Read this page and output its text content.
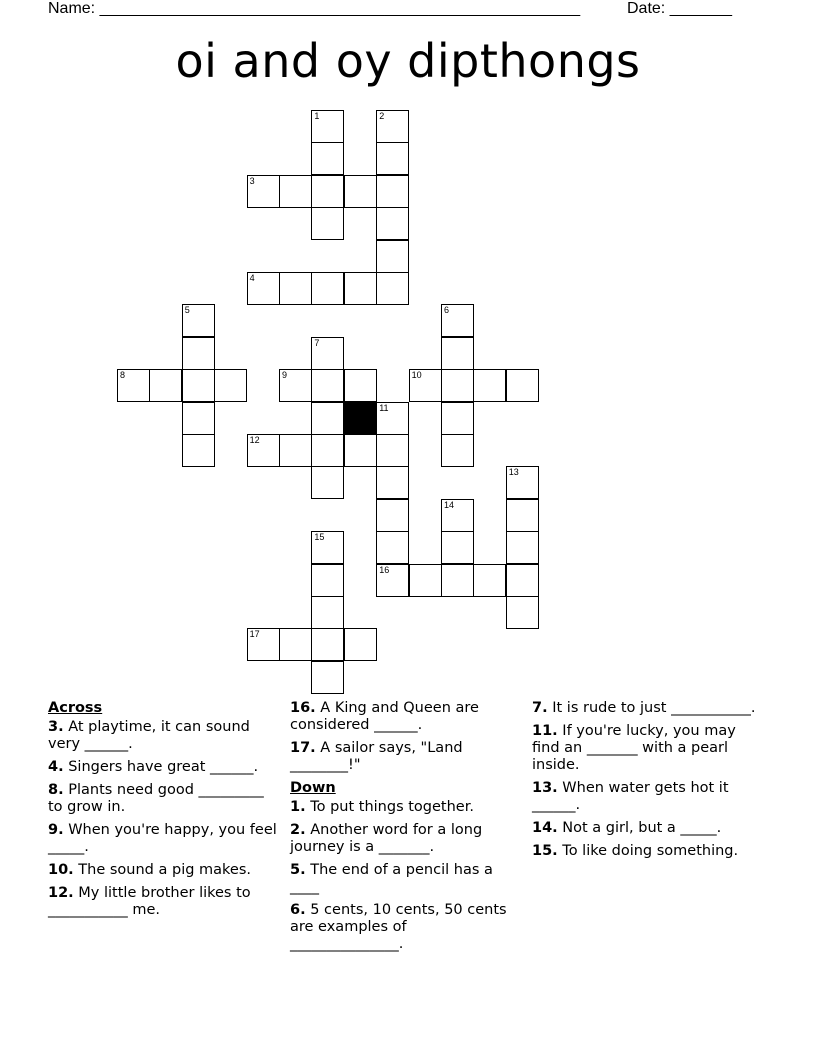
Name: ______________________________________________________	Date: _______
oi and oy dipthongs
1	2
3
4
5	6
7
8	9	10
11
12
13
14
15
16
17
Across
3. At playtime, it can sound very ______.
4. Singers have great ______.
8. Plants need good _________ to grow in.
9. When you're happy, you feel _____.
10. The sound a pig makes.
12. My little brother likes to ___________ me.
16. A King and Queen are considered ______.
17. A sailor says, "Land ________!"
Down
1. To put things together.
2. Another word for a long journey is a _______.
5. The end of a pencil has a ____
6. 5 cents, 10 cents, 50 cents are examples of _______________.
7. It is rude to just ___________.
11. If you're lucky, you may find an _______ with a pearl inside.
13. When water gets hot it ______.
14. Not a girl, but a _____.
15. To like doing something.
